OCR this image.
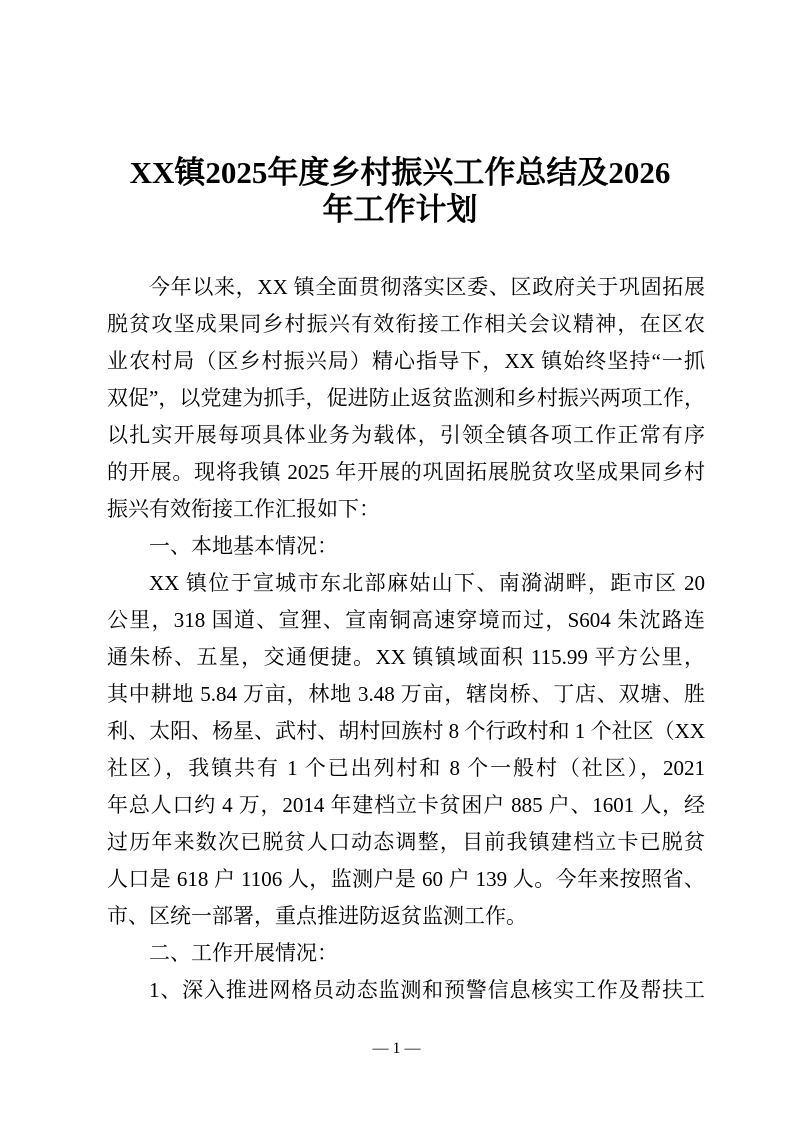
XX镇2025年度乡村振兴工作总结及2026
年工作计划
今年以来，XX 镇全面贯彻落实区委、区政府关于巩固拓展
脱贫攻坚成果同乡村振兴有效衔接工作相关会议精神，在区农
业农村局（区乡村振兴局）精心指导下，XX 镇始终坚持“一抓
双促”，以党建为抓手，促进防止返贫监测和乡村振兴两项工作，
以扎实开展每项具体业务为载体，引领全镇各项工作正常有序
的开展。现将我镇 2025 年开展的巩固拓展脱贫攻坚成果同乡村
振兴有效衔接工作汇报如下：
一、本地基本情况：
XX 镇位于宣城市东北部麻姑山下、南漪湖畔，距市区 20
公里，318 国道、宣狸、宣南铜高速穿境而过，S604 朱沈路连
通朱桥、五星，交通便捷。XX 镇镇域面积 115.99 平方公里，
其中耕地 5.84 万亩，林地 3.48 万亩，辖岗桥、丁店、双塘、胜
利、太阳、杨星、武村、胡村回族村 8 个行政村和 1 个社区（XX
社区），我镇共有 1 个已出列村和 8 个一般村（社区），2021
年总人口约 4 万，2014 年建档立卡贫困户 885 户、1601 人，经
过历年来数次已脱贫人口动态调整，目前我镇建档立卡已脱贫
人口是 618 户 1106 人，监测户是 60 户 139 人。今年来按照省、
市、区统一部署，重点推进防返贫监测工作。
二、工作开展情况：
1、深入推进网格员动态监测和预警信息核实工作及帮扶工
— 1 —
